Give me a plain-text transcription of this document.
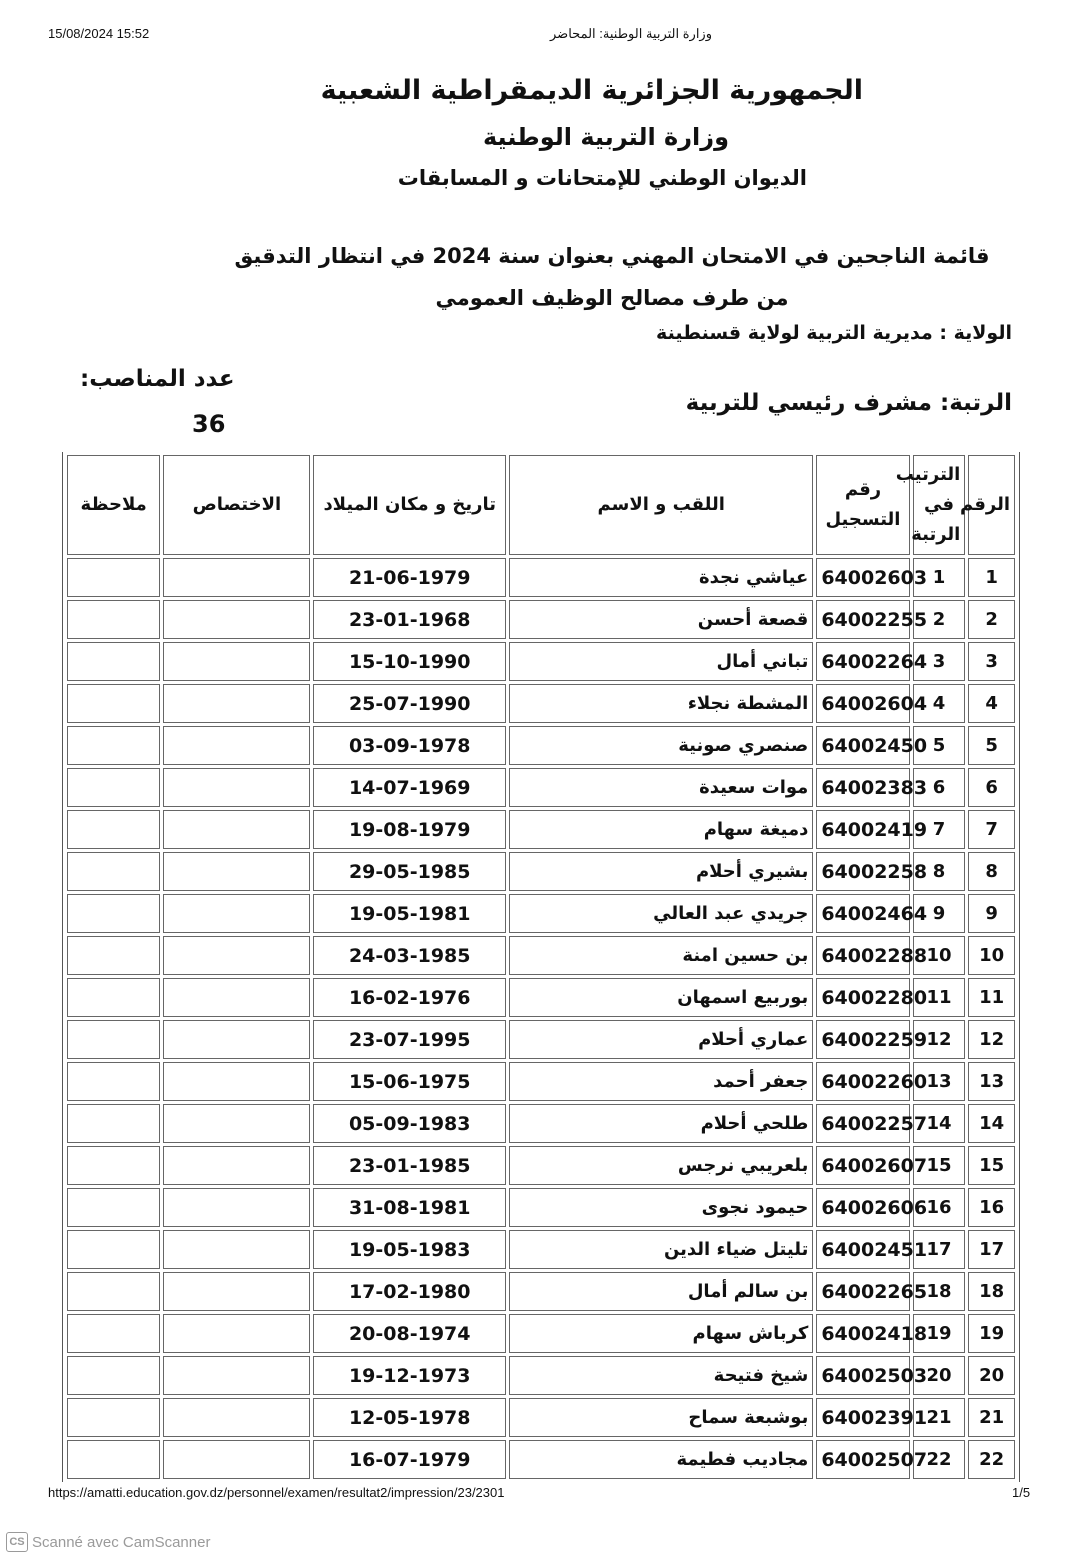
15/08/2024 15:52	وزارة التربية الوطنية: المحاضر
الجمهورية الجزائرية الديمقراطية الشعبية
وزارة التربية الوطنية
الديوان الوطني للإمتحانات و المسابقات
قائمة الناجحين في الامتحان المهني بعنوان سنة 2024 في انتظار التدقيق من طرف مصالح الوظيف العمومي
الولاية : مديرية التربية لولاية قسنطينة
عدد المناصب:
36
الرتبة: مشرف رئيسي للتربية
الرقم	الترتيب في الرتبة	رقم التسجيل	اللقب و الاسم	تاريخ و مكان الميلاد	الاختصاص	ملاحظة
1	1	64002603	عياشي نجدة	21-06-1979		
2	2	64002255	قصعة أحسن	23-01-1968		
3	3	64002264	تباني أمال	15-10-1990		
4	4	64002604	المشطة نجلاء	25-07-1990		
5	5	64002450	صنصري صونية	03-09-1978		
6	6	64002383	موات سعيدة	14-07-1969		
7	7	64002419	دميغة سهام	19-08-1979		
8	8	64002258	بشيري أحلام	29-05-1985		
9	9	64002464	جريدي عبد العالي	19-05-1981		
10	10	64002288	بن حسين امنة	24-03-1985		
11	11	64002280	بوربيع اسمهان	16-02-1976		
12	12	64002259	عماري أحلام	23-07-1995		
13	13	64002260	جعفر أحمد	15-06-1975		
14	14	64002257	طلحي أحلام	05-09-1983		
15	15	64002607	بلعريبي نرجس	23-01-1985		
16	16	64002606	حيمود نجوى	31-08-1981		
17	17	64002451	تليتل ضياء الدين	19-05-1983		
18	18	64002265	بن سالم أمال	17-02-1980		
19	19	64002418	كرباش سهام	20-08-1974		
20	20	64002503	شيخ فتيحة	19-12-1973		
21	21	64002391	بوشبعة سماح	12-05-1978		
22	22	64002507	مجاديب فطيمة	16-07-1979		
https://amatti.education.gov.dz/personnel/examen/resultat2/impression/23/2301	1/5
CS Scanné avec CamScanner
